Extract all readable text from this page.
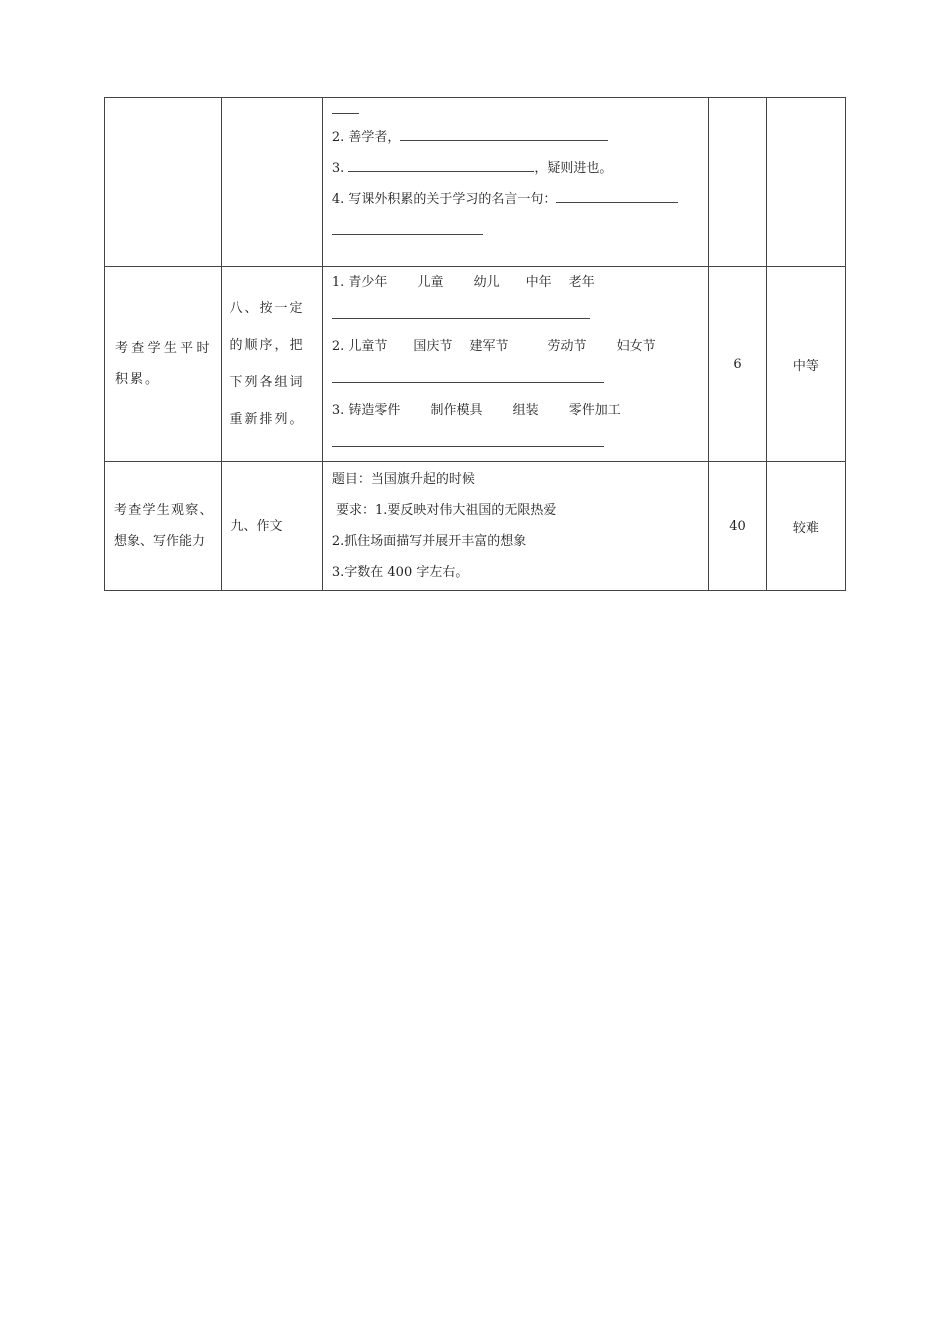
		2. 善学者，
3. ，疑则进也。
4. 写课外积累的关于学习的名言一句：		

考查学生平时积累。	八、按一定的顺序，把下列各组词重新排列。	1. 青少年　　 儿童　　 幼儿　　中年　 老年
2. 儿童节　　国庆节　 建军节　　　劳动节　　 妇女节
3. 铸造零件　　 制作模具　　 组装　　 零件加工	6	中等
考查学生观察、想象、写作能力	九、作文	题目：当国旗升起的时候
要求：1.要反映对伟大祖国的无限热爱
2.抓住场面描写并展开丰富的想象
3.字数在 400 字左右。	40	较难
